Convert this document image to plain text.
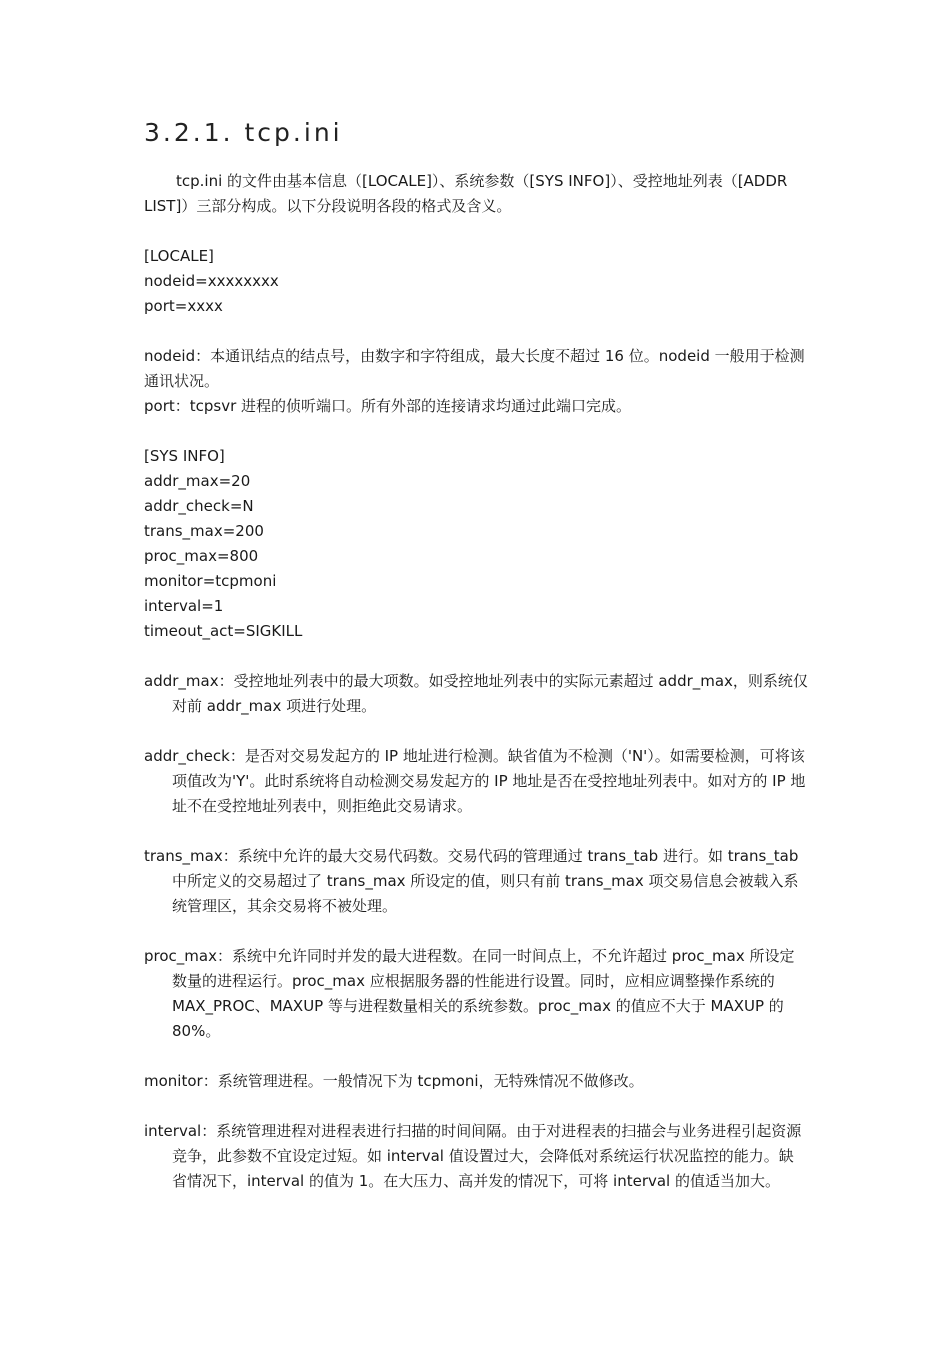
3.2.1. tcp.ini

tcp.ini 的文件由基本信息（[LOCALE]）、系统参数（[SYS INFO]）、受控地址列表（[ADDR LIST]）三部分构成。以下分段说明各段的格式及含义。

[LOCALE]
nodeid=xxxxxxxx
port=xxxx

nodeid：本通讯结点的结点号，由数字和字符组成，最大长度不超过 16 位。nodeid 一般用于检测通讯状况。

port：tcpsvr 进程的侦听端口。所有外部的连接请求均通过此端口完成。

[SYS INFO]
addr_max=20
addr_check=N
trans_max=200
proc_max=800
monitor=tcpmoni
interval=1
timeout_act=SIGKILL

addr_max：受控地址列表中的最大项数。如受控地址列表中的实际元素超过 addr_max，则系统仅对前 addr_max 项进行处理。

addr_check：是否对交易发起方的 IP 地址进行检测。缺省值为不检测（'N'）。如需要检测，可将该项值改为'Y'。此时系统将自动检测交易发起方的 IP 地址是否在受控地址列表中。如对方的 IP 地址不在受控地址列表中，则拒绝此交易请求。

trans_max：系统中允许的最大交易代码数。交易代码的管理通过 trans_tab 进行。如 trans_tab 中所定义的交易超过了 trans_max 所设定的值，则只有前 trans_max 项交易信息会被载入系统管理区，其余交易将不被处理。

proc_max：系统中允许同时并发的最大进程数。在同一时间点上，不允许超过 proc_max 所设定数量的进程运行。proc_max 应根据服务器的性能进行设置。同时，应相应调整操作系统的 MAX_PROC、MAXUP 等与进程数量相关的系统参数。proc_max 的值应不大于 MAXUP 的 80%。

monitor：系统管理进程。一般情况下为 tcpmoni，无特殊情况不做修改。

interval：系统管理进程对进程表进行扫描的时间间隔。由于对进程表的扫描会与业务进程引起资源竞争，此参数不宜设定过短。如 interval 值设置过大，会降低对系统运行状况监控的能力。缺省情况下，interval 的值为 1。在大压力、高并发的情况下，可将 interval 的值适当加大。
